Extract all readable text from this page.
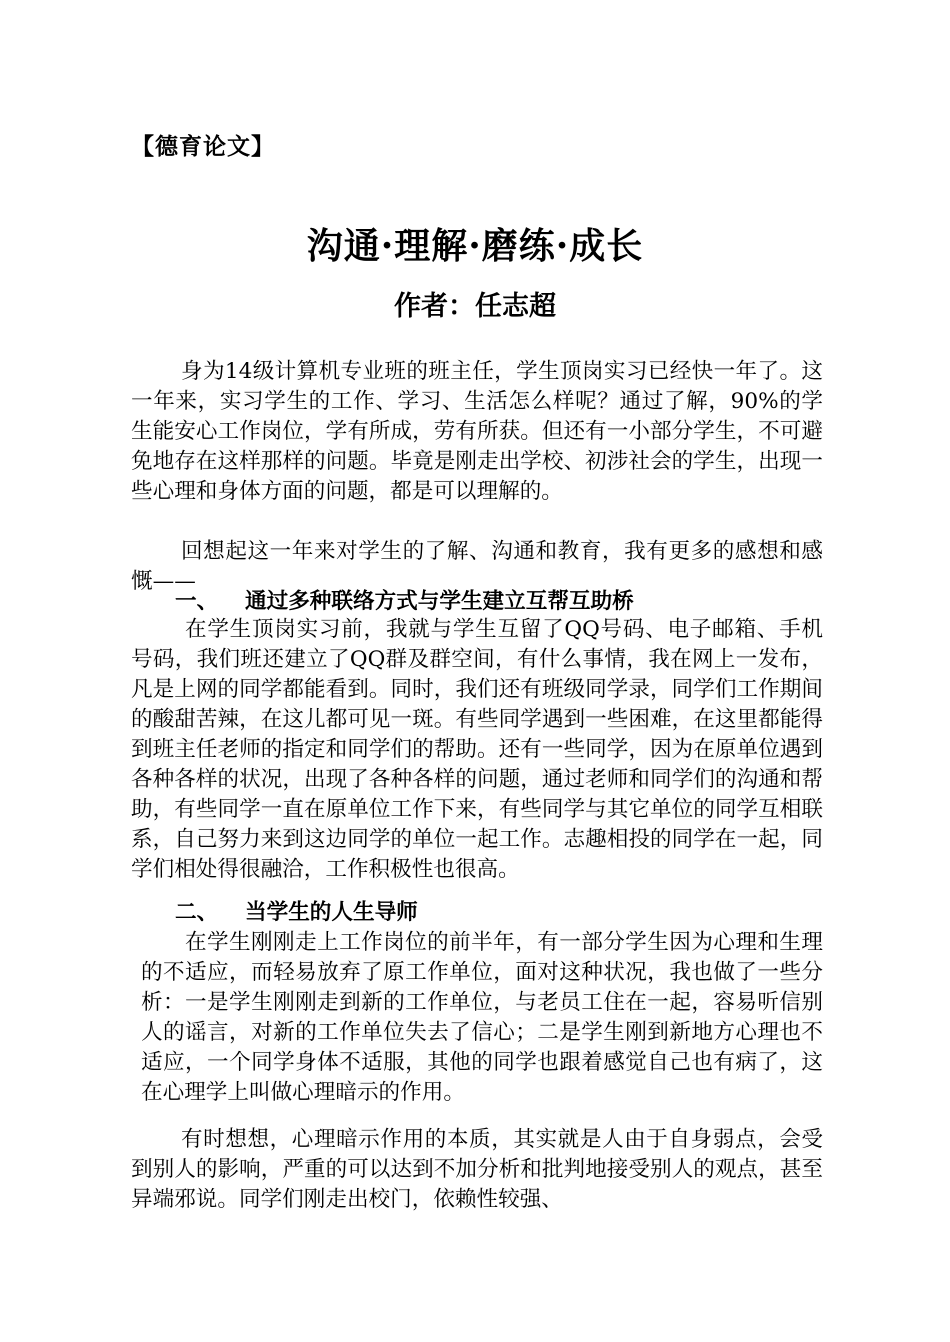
【德育论文】
沟通·理解·磨练·成长
作者：任志超
身为14级计算机专业班的班主任，学生顶岗实习已经快一年了。这一年来，实习学生的工作、学习、生活怎么样呢？通过了解，90%的学生能安心工作岗位，学有所成，劳有所获。但还有一小部分学生，不可避免地存在这样那样的问题。毕竟是刚走出学校、初涉社会的学生，出现一些心理和身体方面的问题，都是可以理解的。
回想起这一年来对学生的了解、沟通和教育，我有更多的感想和感慨——
一、 通过多种联络方式与学生建立互帮互助桥
在学生顶岗实习前，我就与学生互留了QQ号码、电子邮箱、手机号码，我们班还建立了QQ群及群空间，有什么事情，我在网上一发布，凡是上网的同学都能看到。同时，我们还有班级同学录，同学们工作期间的酸甜苦辣，在这儿都可见一斑。有些同学遇到一些困难，在这里都能得到班主任老师的指定和同学们的帮助。还有一些同学，因为在原单位遇到各种各样的状况，出现了各种各样的问题，通过老师和同学们的沟通和帮助，有些同学一直在原单位工作下来，有些同学与其它单位的同学互相联系，自己努力来到这边同学的单位一起工作。志趣相投的同学在一起，同学们相处得很融洽，工作积极性也很高。
二、 当学生的人生导师
在学生刚刚走上工作岗位的前半年，有一部分学生因为心理和生理的不适应，而轻易放弃了原工作单位，面对这种状况，我也做了一些分析：一是学生刚刚走到新的工作单位，与老员工住在一起，容易听信别人的谣言，对新的工作单位失去了信心；二是学生刚到新地方心理也不适应，一个同学身体不适服，其他的同学也跟着感觉自己也有病了，这在心理学上叫做心理暗示的作用。
有时想想，心理暗示作用的本质，其实就是人由于自身弱点，会受到别人的影响，严重的可以达到不加分析和批判地接受别人的观点，甚至异端邪说。同学们刚走出校门，依赖性较强、
